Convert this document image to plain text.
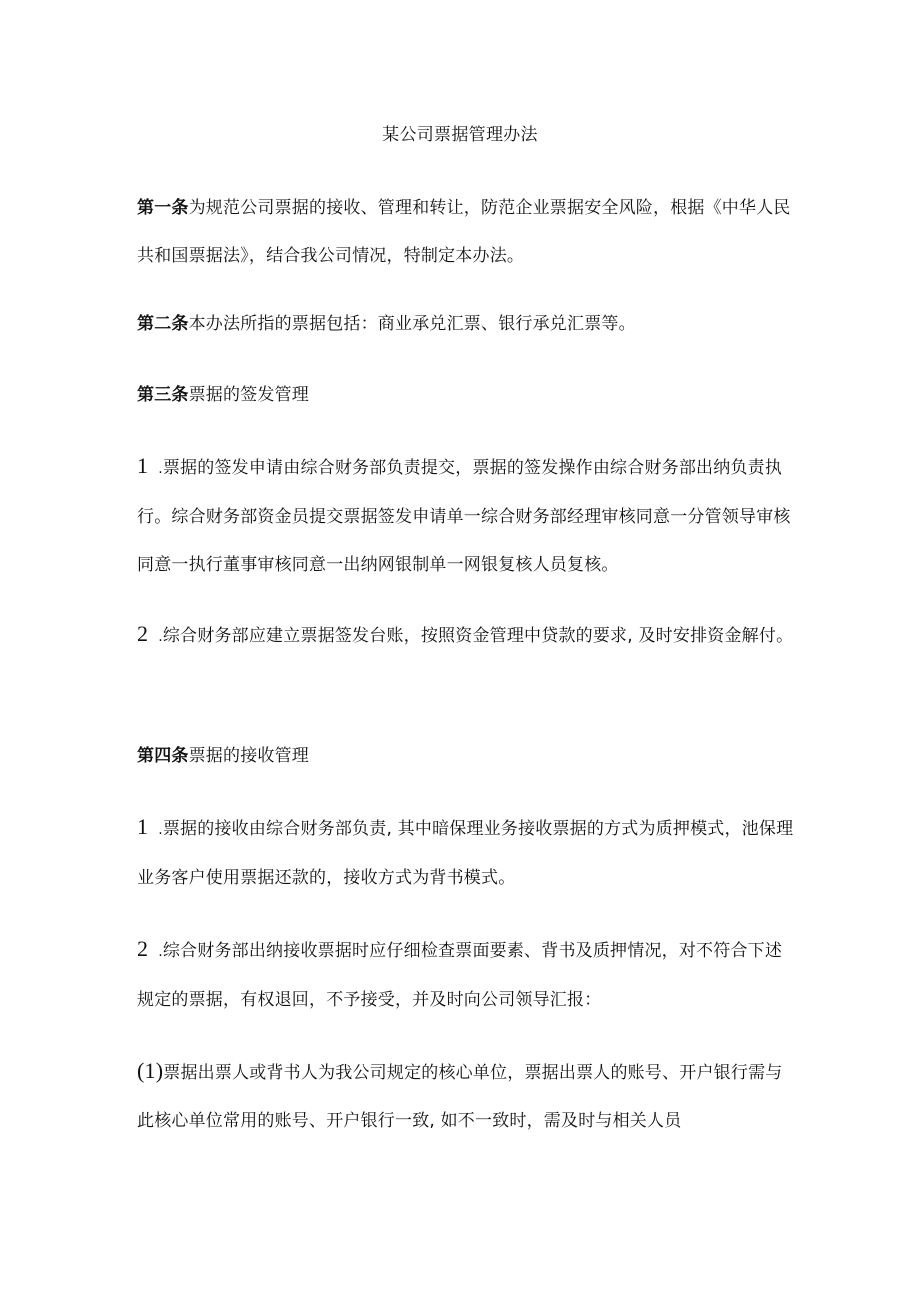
某公司票据管理办法
第一条为规范公司票据的接收、管理和转让，防范企业票据安全风险，根据《中华人民共和国票据法》，结合我公司情况，特制定本办法。
第二条本办法所指的票据包括：商业承兑汇票、银行承兑汇票等。
第三条票据的签发管理
1 .票据的签发申请由综合财务部负责提交，票据的签发操作由综合财务部出纳负责执行。综合财务部资金员提交票据签发申请单一综合财务部经理审核同意一分管领导审核同意一执行董事审核同意一出纳网银制单一网银复核人员复核。
2 .综合财务部应建立票据签发台账，按照资金管理中贷款的要求, 及时安排资金解付。
第四条票据的接收管理
1 .票据的接收由综合财务部负责, 其中暗保理业务接收票据的方式为质押模式，池保理业务客户使用票据还款的，接收方式为背书模式。
2 .综合财务部出纳接收票据时应仔细检查票面要素、背书及质押情况，对不符合下述规定的票据，有权退回，不予接受，并及时向公司领导汇报：
(1)票据出票人或背书人为我公司规定的核心单位，票据出票人的账号、开户银行需与此核心单位常用的账号、开户银行一致, 如不一致时，需及时与相关人员
